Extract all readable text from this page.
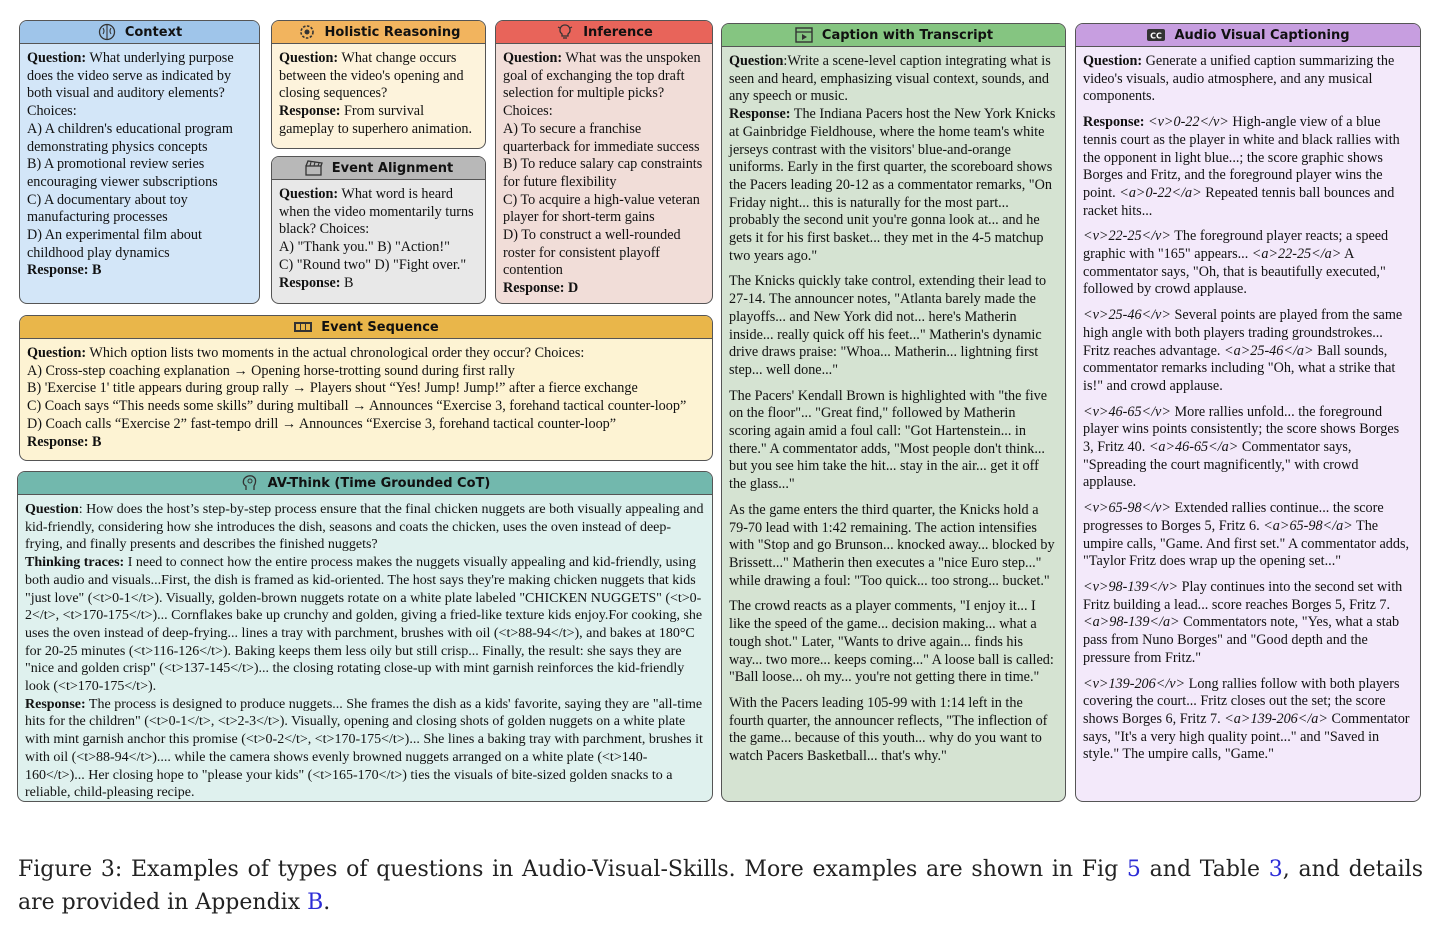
Context
Question: What underlying purpose does the video serve as indicated by both visual and auditory elements?
Choices:
A) A children's educational program demonstrating physics concepts
B) A promotional review series encouraging viewer subscriptions
C) A documentary about toy manufacturing processes
D) An experimental film about childhood play dynamics
Response: B
Holistic Reasoning
Question: What change occurs between the video's opening and closing sequences?
Response: From survival gameplay to superhero animation.
Event Alignment
Question: What word is heard when the video momentarily turns black? Choices:
A) "Thank you." B) "Action!"
C) "Round two" D) "Fight over."
Response: B
Inference
Question: What was the unspoken goal of exchanging the top draft selection for multiple picks?
Choices:
A) To secure a franchise quarterback for immediate success
B) To reduce salary cap constraints for future flexibility
C) To acquire a high-value veteran player for short-term gains
D) To construct a well-rounded roster for consistent playoff contention
Response: D
Event Sequence
Question: Which option lists two moments in the actual chronological order they occur? Choices:
A) Cross-step coaching explanation → Opening horse-trotting sound during first rally
B) 'Exercise 1' title appears during group rally → Players shout “Yes! Jump! Jump!” after a fierce exchange
C) Coach says “This needs some skills” during multiball → Announces “Exercise 3, forehand tactical counter-loop”
D) Coach calls “Exercise 2” fast-tempo drill → Announces “Exercise 3, forehand tactical counter-loop”
Response: B
AV-Think (Time Grounded CoT)
Question: How does the host’s step-by-step process ensure that the final chicken nuggets are both visually appealing and kid-friendly, considering how she introduces the dish, seasons and coats the chicken, uses the oven instead of deep-frying, and finally presents and describes the finished nuggets?
Thinking traces: I need to connect how the entire process makes the nuggets visually appealing and kid-friendly, using both audio and visuals...First, the dish is framed as kid-oriented. The host says they're making chicken nuggets that kids "just love" (<t>0-1</t>). Visually, golden-brown nuggets rotate on a white plate labeled "CHICKEN NUGGETS" (<t>0-2</t>, <t>170-175</t>)... Cornflakes bake up crunchy and golden, giving a fried-like texture kids enjoy.For cooking, she uses the oven instead of deep-frying... lines a tray with parchment, brushes with oil (<t>88-94</t>), and bakes at 180°C for 20-25 minutes (<t>116-126</t>). Baking keeps them less oily but still crisp... Finally, the result: she says they are "nice and golden crisp" (<t>137-145</t>)... the closing rotating close-up with mint garnish reinforces the kid-friendly look (<t>170-175</t>).
Response: The process is designed to produce nuggets... She frames the dish as a kids' favorite, saying they are "all-time hits for the children" (<t>0-1</t>, <t>2-3</t>). Visually, opening and closing shots of golden nuggets on a white plate with mint garnish anchor this promise (<t>0-2</t>, <t>170-175</t>)... She lines a baking tray with parchment, brushes it with oil (<t>88-94</t>).... while the camera shows evenly browned nuggets arranged on a white plate (<t>140-160</t>)... Her closing hope to "please your kids" (<t>165-170</t>) ties the visuals of bite-sized golden snacks to a reliable, child-pleasing recipe.
Caption with Transcript
Question:Write a scene-level caption integrating what is seen and heard, emphasizing visual context, sounds, and any speech or music.

Response: The Indiana Pacers host the New York Knicks at Gainbridge Fieldhouse, where the home team's white jerseys contrast with the visitors' blue-and-orange uniforms. Early in the first quarter, the scoreboard shows the Pacers leading 20-12 as a commentator remarks, "On Friday night... this is naturally for the most part... probably the second unit you're gonna look at... and he gets it for his first basket... they met in the 4-5 matchup two years ago."

The Knicks quickly take control, extending their lead to 27-14. The announcer notes, "Atlanta barely made the playoffs... and New York did not... here's Matherin inside... really quick off his feet..." Matherin's dynamic drive draws praise: "Whoa... Matherin... lightning first step... well done..."

The Pacers' Kendall Brown is highlighted with "the five on the floor"... "Great find," followed by Matherin scoring again amid a foul call: "Got Hartenstein... in there." A commentator adds, "Most people don't think... but you see him take the hit... stay in the air... get it off the glass..."

As the game enters the third quarter, the Knicks hold a 79-70 lead with 1:42 remaining. The action intensifies with "Stop and go Brunson... knocked away... blocked by Brissett..." Matherin then executes a "nice Euro step..." while drawing a foul: "Too quick... too strong... bucket."

The crowd reacts as a player comments, "I enjoy it... I like the speed of the game... decision making... what a tough shot." Later, "Wants to drive again... finds his way... two more... keeps coming..." A loose ball is called: "Ball loose... oh my... you're not getting there in time."

With the Pacers leading 105-99 with 1:14 left in the fourth quarter, the announcer reflects, "The inflection of the game... because of this youth... why do you want to watch Pacers Basketball... that's why."

CC Audio Visual Captioning

Question: Generate a unified caption summarizing the video's visuals, audio atmosphere, and any musical components.

Response: <v>0-22</v> High-angle view of a blue tennis court as the player in white and black rallies with the opponent in light blue...; the score graphic shows Borges and Fritz, and the foreground player wins the point. <a>0-22</a> Repeated tennis ball bounces and racket hits...

<v>22-25</v> The foreground player reacts; a speed graphic with "165" appears... <a>22-25</a> A commentator says, "Oh, that is beautifully executed," followed by crowd applause.

<v>25-46</v> Several points are played from the same high angle with both players trading groundstrokes... Fritz reaches advantage. <a>25-46</a> Ball sounds, commentator remarks including "Oh, what a strike that is!" and crowd applause.

<v>46-65</v> More rallies unfold... the foreground player wins points consistently; the score shows Borges 3, Fritz 40. <a>46-65</a> Commentator says, "Spreading the court magnificently," with crowd applause.

<v>65-98</v> Extended rallies continue... the score progresses to Borges 5, Fritz 6. <a>65-98</a> The umpire calls, "Game. And first set." A commentator adds, "Taylor Fritz does wrap up the opening set..."

<v>98-139</v> Play continues into the second set with Fritz building a lead... score reaches Borges 5, Fritz 7. <a>98-139</a> Commentators note, "Yes, what a stab pass from Nuno Borges" and "Good depth and the pressure from Fritz."

<v>139-206</v> Long rallies follow with both players covering the court... Fritz closes out the set; the score shows Borges 6, Fritz 7. <a>139-206</a> Commentator says, "It's a very high quality point..." and "Saved in style." The umpire calls, "Game."

Figure 3: Examples of types of questions in Audio-Visual-Skills. More examples are shown in Fig 5 and Table 3, and details are provided in Appendix B.
